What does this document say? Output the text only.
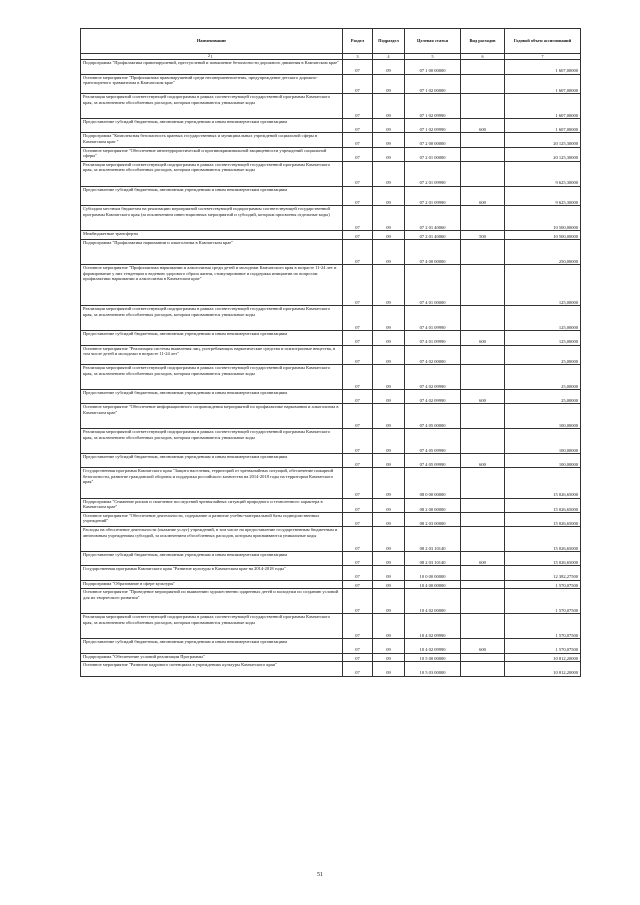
Наименование	Раздел	Подраздел	Целевая статья	Вид расходов	Годовой объем ассигнований
1	3	4	5	6	7
Подпрограмма "Профилактика правонарушений, преступлений и повышение безопасности дорожного движения в Камчатском крае"	07	09	07 1 00 00000		1 607,00000
Основное мероприятие "Профилактика правонарушений среди несовершеннолетних, предупреждение детского дорожно-транспортного травматизма в Камчатском крае"	07	09	07 1 02 00000		1 607,00000
Реализация мероприятий соответствующей подпрограммы в рамках соответствующей государственной программы Камчатского края, за исключением обособленных расходов, которым присваиваются уникальные коды	07	09	07 1 02 09990		1 607,00000
Предоставление субсидий бюджетным, автономным учреждениям и иным некоммерческим организациям	07	09	07 1 02 09990	600	1 607,00000
Подпрограмма "Комплексная безопасность краевых государственных и муниципальных учреждений социальной сферы в Камчатском крае "	07	09	07 2 00 00000		20 125,30000
Основное мероприятие "Обеспечение антитеррористической и противокриминальной защищенности учреждений социальной сферы"	07	09	07 2 01 00000		20 125,30000
Реализация мероприятий соответствующей подпрограммы в рамках соответствующей государственной программы Камчатского края, за исключением обособленных расходов, которым присваиваются уникальные коды	07	09	07 2 01 09990		9 625,30000
Предоставление субсидий бюджетным, автономным учреждениям и иным некоммерческим организациям	07	09	07 2 01 09990	600	9 625,30000
Субсидии местным бюджетам на реализацию мероприятий соответствующей подпрограммы соответствующей государственной программы Камчатского края (за исключением инвестиционных мероприятий и субсидий, которым присвоены отдельные коды)	07	09	07 2 01 40060		10 500,00000
Межбюджетные трансферты	07	09	07 2 01 40060	500	10 500,00000
Подпрограмма "Профилактика наркомании и алкоголизма в Камчатском крае"	07	09	07 4 00 00000		250,00000
Основное мероприятие "Профилактика наркомании и алкоголизма среди детей и молодежи Камчатского края в возрасте 11-24 лет и формирование у них тенденции к ведению здорового образа жизни, стимулирование и поддержка инициатив по вопросам профилактики наркомании и алкоголизма в Камчатском крае"	07	09	07 4 01 00000		125,00000
Реализация мероприятий соответствующей подпрограммы в рамках соответствующей государственной программы Камчатского края, за исключением обособленных расходов, которым присваиваются уникальные коды	07	09	07 4 01 09990		125,00000
Предоставление субсидий бюджетным, автономным учреждениям и иным некоммерческим организациям	07	09	07 4 01 09990	600	125,00000
Основное мероприятие "Реализация системы выявления лиц, употребляющих наркотические средства и психотропные вещества, в том числе детей и молодежи в возрасте 11-24 лет"	07	09	07 4 02 00000		25,00000
Реализация мероприятий соответствующей подпрограммы в рамках соответствующей государственной программы Камчатского края, за исключением обособленных расходов, которым присваиваются уникальные коды	07	09	07 4 02 09990		25,00000
Предоставление субсидий бюджетным, автономным учреждениям и иным некоммерческим организациям	07	09	07 4 02 09990	600	25,00000
Основное мероприятие "Обеспечение информационного сопровождения мероприятий по профилактике наркомании и алкоголизма в Камчатском крае"	07	09	07 4 05 00000		100,00000
Реализация мероприятий соответствующей подпрограммы в рамках соответствующей государственной программы Камчатского края, за исключением обособленных расходов, которым присваиваются уникальные коды	07	09	07 4 05 09990		100,00000
Предоставление субсидий бюджетным, автономным учреждениям и иным некоммерческим организациям	07	09	07 4 05 09990	600	100,00000
Государственная программа Камчатского края "Защита населения, территорий от чрезвычайных ситуаций, обеспечение пожарной безопасности, развитие гражданской обороны и поддержка российского казачества на 2014-2018 годы на территории Камчатского края"	07	09	08 0 00 00000		15 026,65000
Подпрограмма "Снижение рисков и смягчение последствий чрезвычайных ситуаций природного и техногенного характера в Камчатском крае"	07	09	08 2 00 00000		15 026,65000
Основное мероприятие "Обеспечение деятельности, содержание и развитие учебно-материальной базы подведомственных учреждений"	07	09	08 2 03 00000		15 026,65000
Расходы на обеспечение деятельности (оказание услуг) учреждений, в том числе на предоставление государственным бюджетным и автономным учреждениям субсидий, за исключением обособленных расходов, которым присваиваются уникальные коды	07	09	08 2 03 10140		15 026,65000
Предоставление субсидий бюджетным, автономным учреждениям и иным некоммерческим организациям	07	09	08 2 03 10140	600	15 026,65000
Государственная программа Камчатского края "Развитие культуры в Камчатском крае на 2014-2018 годы"	07	09	10 0 00 00000		12 382,27500
Подпрограмма "Образование в сфере культуры"	07	09	10 4 00 00000		1 570,07500
Основное мероприятие "Проведение мероприятий по выявлению художественно одаренных детей и молодежи по созданию условий для их творческого развития"	07	09	10 4 02 00000		1 570,07500
Реализация мероприятий соответствующей подпрограммы в рамках соответствующей государственной программы Камчатского края, за исключением обособленных расходов, которым присваиваются уникальные коды	07	09	10 4 02 09990		1 570,07500
Предоставление субсидий бюджетным, автономным учреждениям и иным некоммерческим организациям	07	09	10 4 02 09990	600	1 570,07500
Подпрограмма "Обеспечение условий реализации Программы"	07	09	10 5 00 00000		10 812,20000
Основное мероприятие "Развитие кадрового потенциала в учреждениях культуры Камчатского края"	07	09	10 5 03 00000		10 812,20000
2
51
